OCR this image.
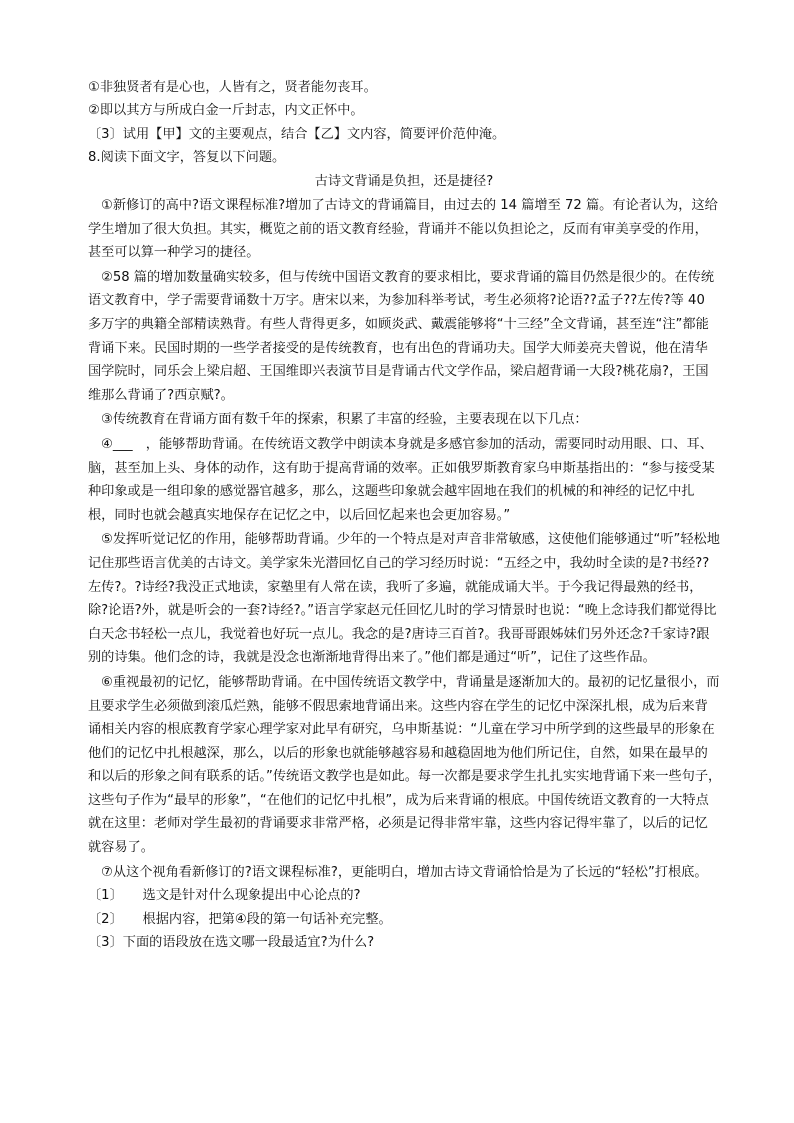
①非独贤者有是心也，人皆有之，贤者能勿丧耳。
②即以其方与所成白金一斤封志，内文正怀中。
〔3〕试用【甲】文的主要观点，结合【乙】文内容，简要评价范仲淹。
8.阅读下面文字，答复以下问题。
古诗文背诵是负担，还是捷径?
①新修订的高中?语文课程标准?增加了古诗文的背诵篇目，由过去的 14 篇增至 72 篇。有论者认为，这给学生增加了很大负担。其实，概览之前的语文教育经验，背诵并不能以负担论之，反而有审美享受的作用，甚至可以算一种学习的捷径。
②58 篇的增加数量确实较多，但与传统中国语文教育的要求相比，要求背诵的篇目仍然是很少的。在传统语文教育中，学子需要背诵数十万字。唐宋以来，为参加科举考试，考生必须将?论语??孟子??左传?等 40 多万字的典籍全部精读熟背。有些人背得更多，如顾炎武、戴震能够将“十三经”全文背诵，甚至连“注”都能背诵下来。民国时期的一些学者接受的是传统教育，也有出色的背诵功夫。国学大师姜亮夫曾说，他在清华国学院时，同乐会上梁启超、王国维即兴表演节目是背诵古代文学作品，梁启超背诵一大段?桃花扇?，王国维那么背诵了?西京赋?。
③传统教育在背诵方面有数千年的探索，积累了丰富的经验，主要表现在以下几点：
④___　，能够帮助背诵。在传统语文教学中朗读本身就是多感官参加的活动，需要同时动用眼、口、耳、脑，甚至加上头、身体的动作，这有助于提高背诵的效率。正如俄罗斯教育家乌申斯基指出的：“参与接受某种印象或是一组印象的感觉器官越多，那么，这题些印象就会越牢固地在我们的机械的和神经的记忆中扎根，同时也就会越真实地保存在记忆之中，以后回忆起来也会更加容易。”
⑤发挥听觉记忆的作用，能够帮助背诵。少年的一个特点是对声音非常敏感，这使他们能够通过“听”轻松地记住那些语言优美的古诗文。美学家朱光潜回忆自己的学习经历时说：“五经之中，我幼时全读的是?书经??左传?。?诗经?我没正式地读，家塾里有人常在读，我听了多遍，就能成诵大半。于今我记得最熟的经书，除?论语?外，就是听会的一套?诗经?。”语言学家赵元任回忆儿时的学习情景时也说：“晚上念诗我们都觉得比白天念书轻松一点儿，我觉着也好玩一点儿。我念的是?唐诗三百首?。我哥哥跟姊妹们另外还念?千家诗?跟别的诗集。他们念的诗，我就是没念也渐渐地背得出来了。”他们都是通过“听”，记住了这些作品。
⑥重视最初的记忆，能够帮助背诵。在中国传统语文教学中，背诵量是逐渐加大的。最初的记忆量很小，而且要求学生必须做到滚瓜烂熟，能够不假思索地背诵出来。这些内容在学生的记忆中深深扎根，成为后来背诵相关内容的根底教育学家心理学家对此早有研究，乌申斯基说：“儿童在学习中所学到的这些最早的形象在他们的记忆中扎根越深，那么，以后的形象也就能够越容易和越稳固地为他们所记住，自然，如果在最早的和以后的形象之间有联系的话。”传统语文教学也是如此。每一次都是要求学生扎扎实实地背诵下来一些句子，　这些句子作为“最早的形象”，“在他们的记忆中扎根”，成为后来背诵的根底。中国传统语文教育的一大特点就在这里：老师对学生最初的背诵要求非常严格，必须是记得非常牢靠，这些内容记得牢靠了，以后的记忆就容易了。
⑦从这个视角看新修订的?语文课程标准?，更能明白，增加古诗文背诵恰恰是为了长远的“轻松”打根底。
〔1〕　　选文是针对什么现象提出中心论点的?
〔2〕　　根据内容，把第④段的第一句话补充完整。
〔3〕下面的语段放在选文哪一段最适宜?为什么?
